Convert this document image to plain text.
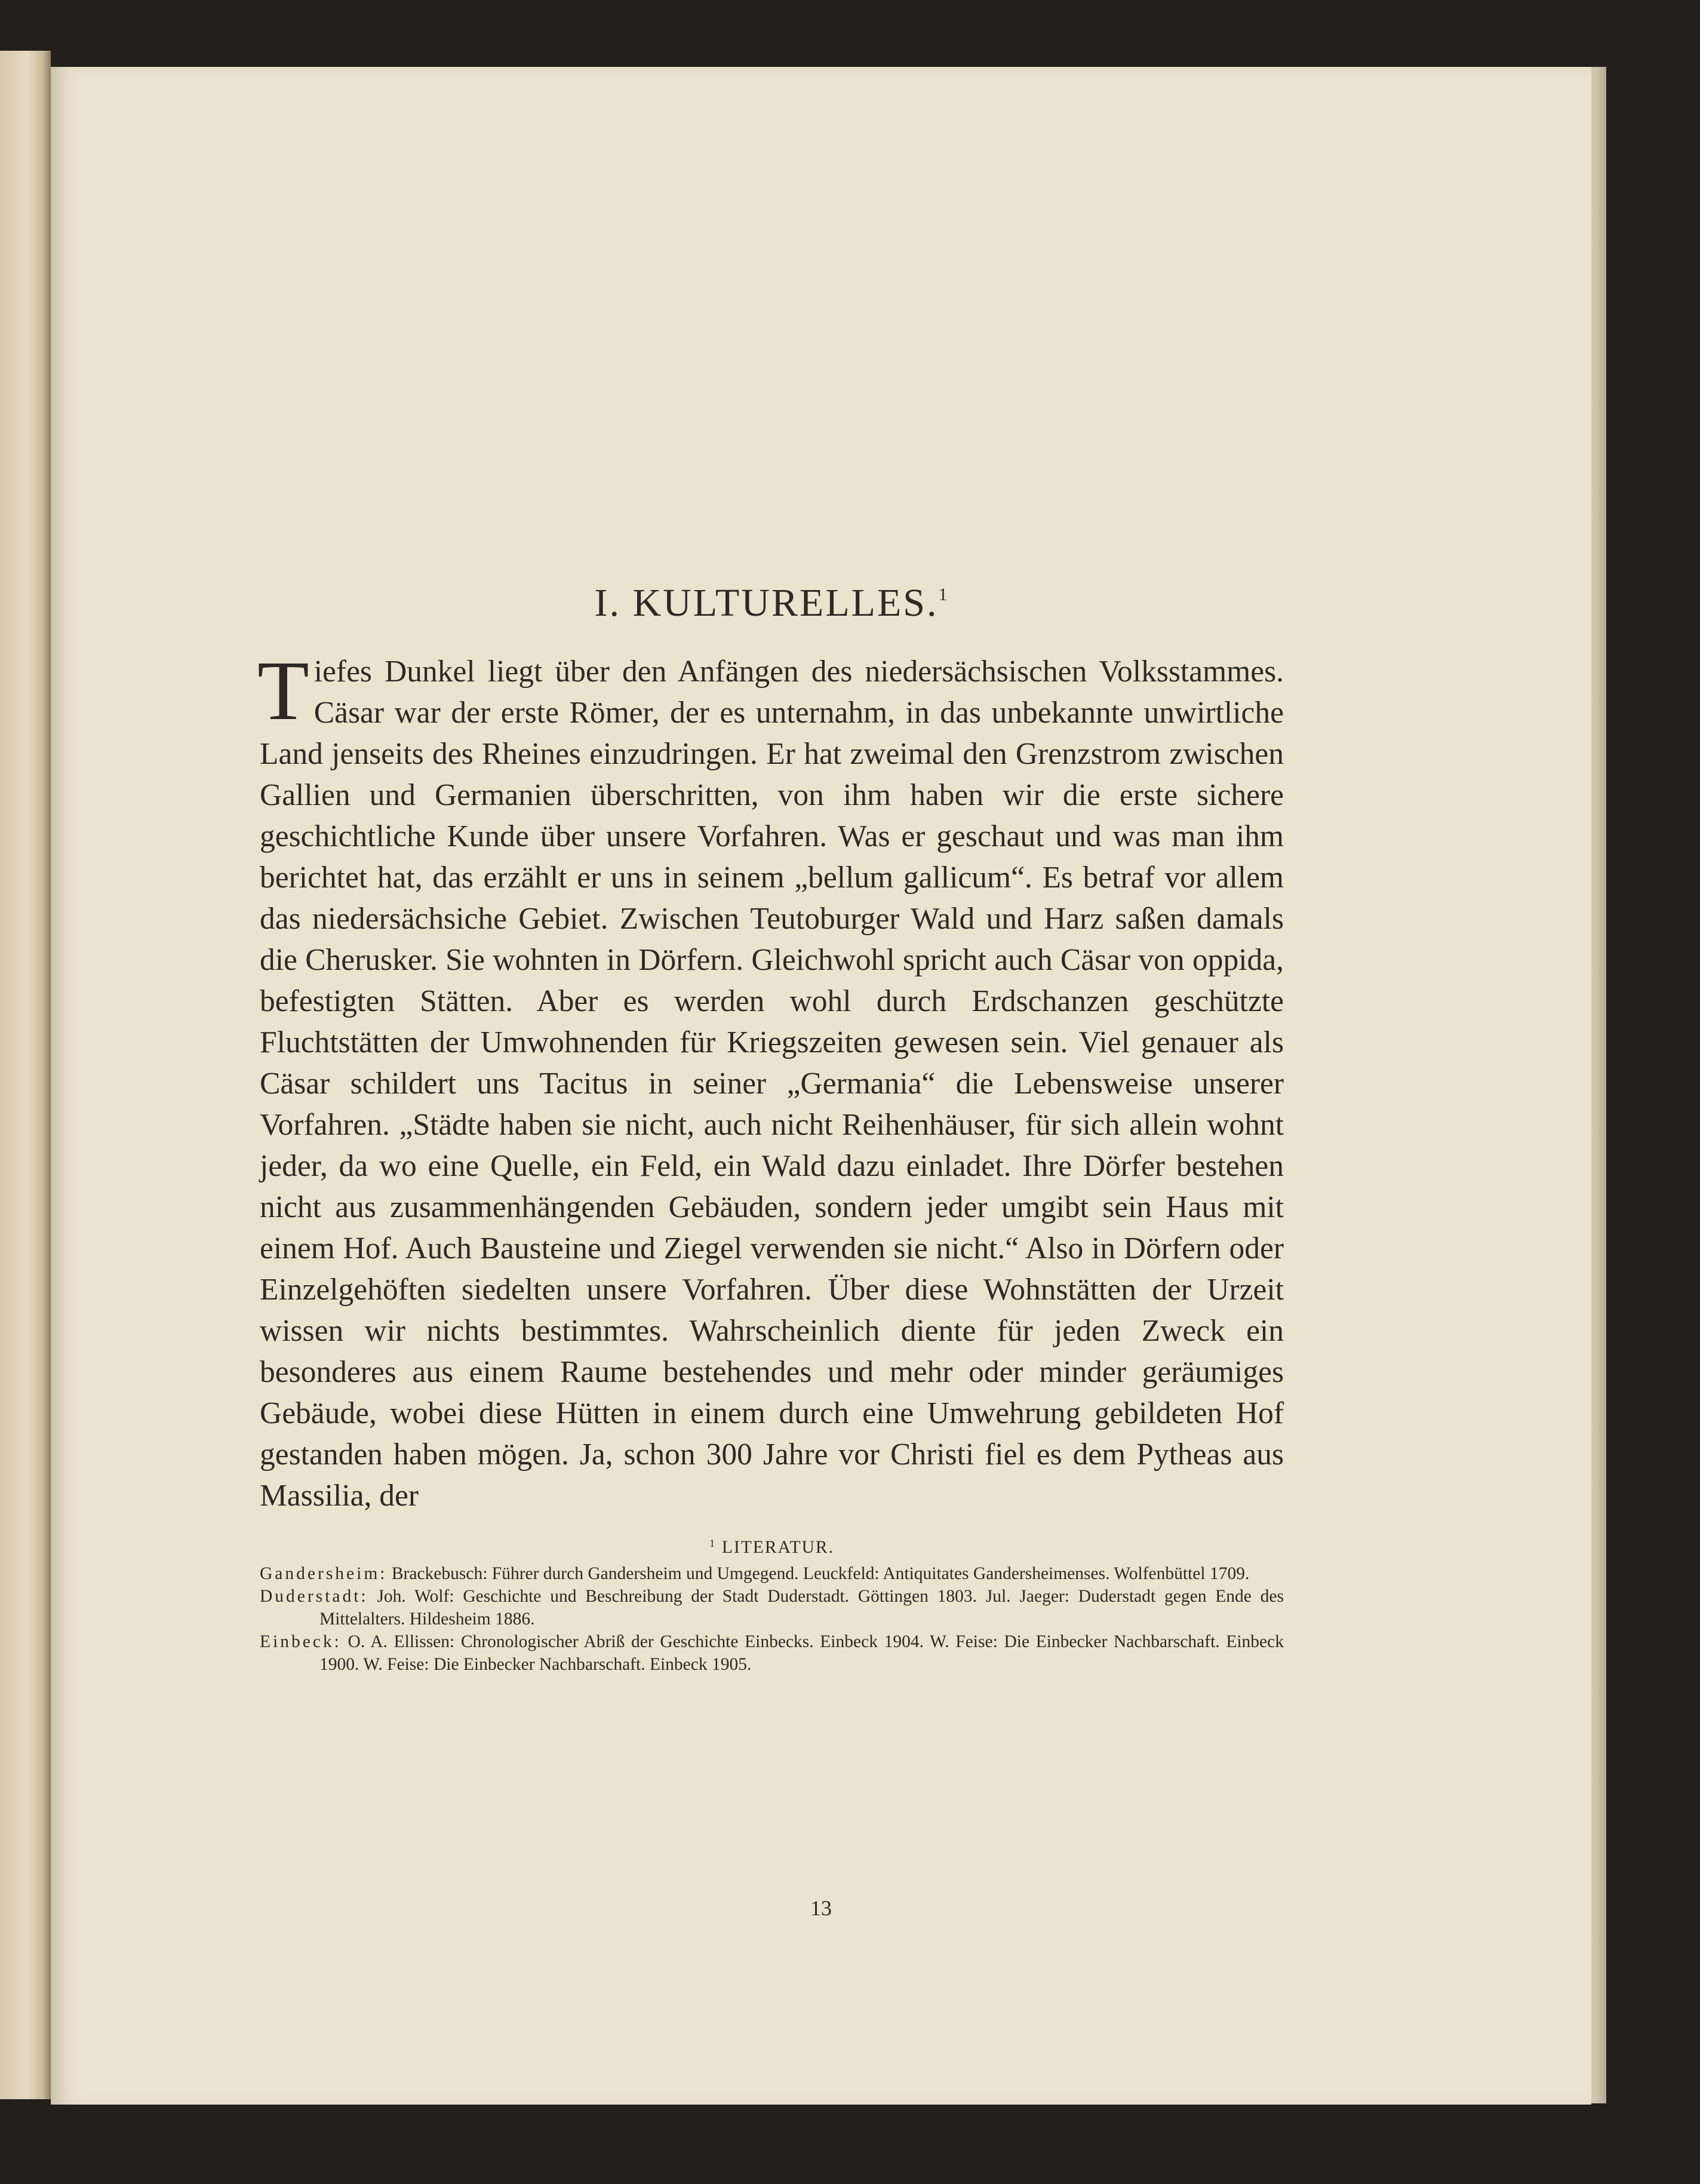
I. KULTURELLES.$^1$

Tiefes Dunkel liegt über den Anfängen des niedersächsischen Volksstammes. Cäsar war der erste Römer, der es unternahm, in das unbekannte unwirtliche Land jenseits des Rheines einzudringen. Er hat zweimal den Grenzstrom zwischen Gallien und Germanien überschritten, von ihm haben wir die erste sichere geschichtliche Kunde über unsere Vorfahren. Was er geschaut und was man ihm berichtet hat, das erzählt er uns in seinem „bellum gallicum“. Es betraf vor allem das niedersächsiche Gebiet. Zwischen Teutoburger Wald und Harz saßen damals die Cherusker. Sie wohnten in Dörfern. Gleichwohl spricht auch Cäsar von oppida, befestigten Stätten. Aber es werden wohl durch Erdschanzen geschützte Fluchtstätten der Umwohnenden für Kriegszeiten gewesen sein. Viel genauer als Cäsar schildert uns Tacitus in seiner „Germania“ die Lebensweise unserer Vorfahren. „Städte haben sie nicht, auch nicht Reihenhäuser, für sich allein wohnt jeder, da wo eine Quelle, ein Feld, ein Wald dazu einladet. Ihre Dörfer bestehen nicht aus zusammenhängenden Gebäuden, sondern jeder umgibt sein Haus mit einem Hof. Auch Bausteine und Ziegel verwenden sie nicht.“ Also in Dörfern oder Einzelgehöften siedelten unsere Vorfahren. Über diese Wohnstätten der Urzeit wissen wir nichts bestimmtes. Wahrscheinlich diente für jeden Zweck ein besonderes aus einem Raume bestehendes und mehr oder minder geräumiges Gebäude, wobei diese Hütten in einem durch eine Umwehrung gebildeten Hof gestanden haben mögen. Ja, schon 300 Jahre vor Christi fiel es dem Pytheas aus Massilia, der

$^1$ LITERATUR.
Gandersheim: Brackebusch: Führer durch Gandersheim und Umgegend. Leuckfeld: Antiquitates Gandersheimenses. Wolfenbüttel 1709.
Duderstadt: Joh. Wolf: Geschichte und Beschreibung der Stadt Duderstadt. Göttingen 1803. Jul. Jaeger: Duderstadt gegen Ende des Mittelalters. Hildesheim 1886.
Einbeck: O. A. Ellissen: Chronologischer Abriß der Geschichte Einbecks. Einbeck 1904. W. Feise: Die Einbecker Nachbarschaft. Einbeck 1900. W. Feise: Die Einbecker Nachbarschaft. Einbeck 1905.
13
